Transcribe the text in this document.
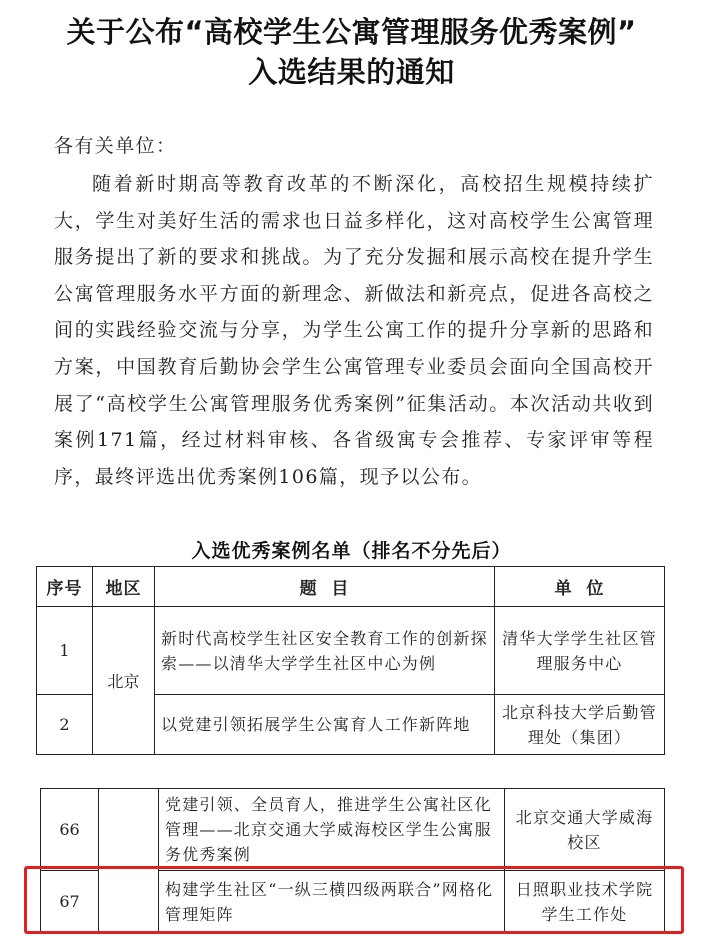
关于公布“高校学生公寓管理服务优秀案例”
入选结果的通知
各有关单位：
随着新时期高等教育改革的不断深化，高校招生规模持续扩大，学生对美好生活的需求也日益多样化，这对高校学生公寓管理服务提出了新的要求和挑战。为了充分发掘和展示高校在提升学生公寓管理服务水平方面的新理念、新做法和新亮点，促进各高校之间的实践经验交流与分享，为学生公寓工作的提升分享新的思路和方案，中国教育后勤协会学生公寓管理专业委员会面向全国高校开展了“高校学生公寓管理服务优秀案例”征集活动。本次活动共收到案例171篇，经过材料审核、各省级寓专会推荐、专家评审等程序，最终评选出优秀案例106篇，现予以公布。
入选优秀案例名单（排名不分先后）
序号	地区	题  目	单  位
1	北京	新时代高校学生社区安全教育工作的创新探索——以清华大学学生社区中心为例	清华大学学生社区管理服务中心
2		以党建引领拓展学生公寓育人工作新阵地	北京科技大学后勤管理处（集团）
66		党建引领、全员育人，推进学生公寓社区化管理——北京交通大学威海校区学生公寓服务优秀案例	北京交通大学威海校区
67		构建学生社区“一纵三横四级两联合”网格化管理矩阵	日照职业技术学院学生工作处
